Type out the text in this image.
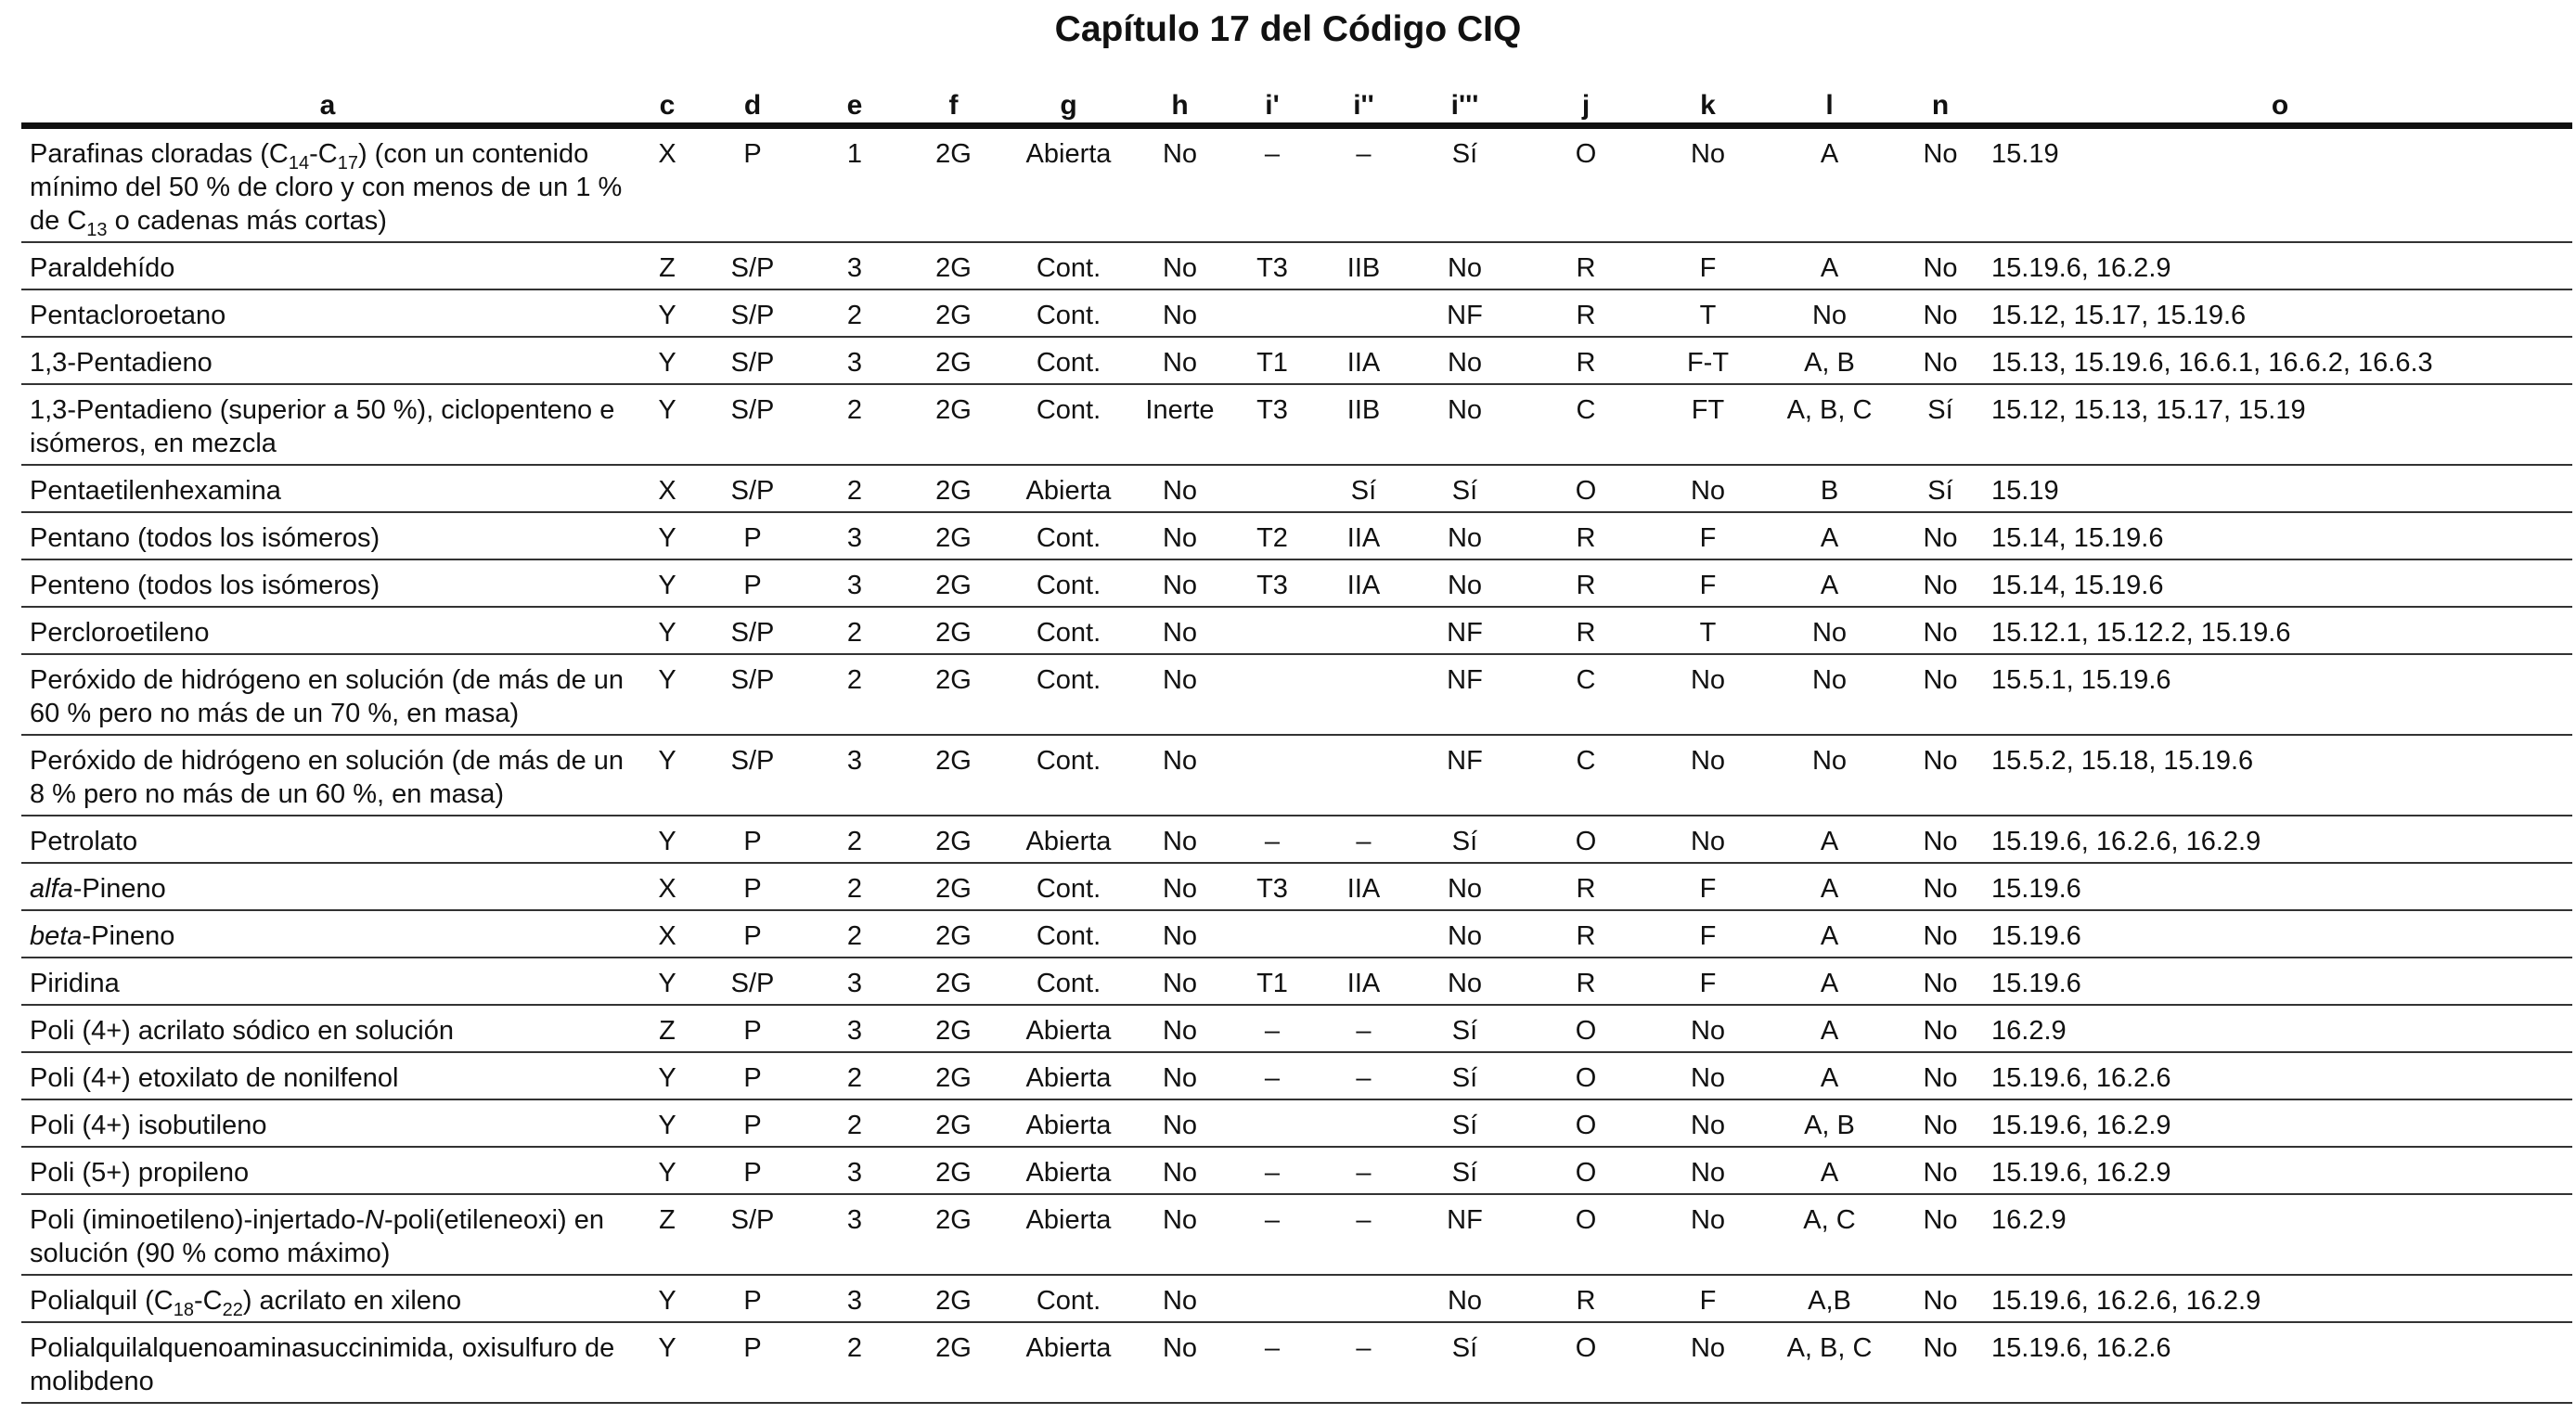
Capítulo 17 del Código CIQ
a	c	d	e	f	g	h	i'	i''	i'''	j	k	l	n	o
Parafinas cloradas $(C_{14}-C_{17})$ (con un contenido mínimo del 50 % de cloro y con menos de un 1 % de $C_{13}$ o cadenas más cortas)	X	P	1	2G	Abierta	No	–	–	Sí	O	No	A	No	15.19
Paraldehído	Z	S/P	3	2G	Cont.	No	T3	IIB	No	R	F	A	No	15.19.6, 16.2.9
Pentacloroetano	Y	S/P	2	2G	Cont.	No			NF	R	T	No	No	15.12, 15.17, 15.19.6
1,3-Pentadieno	Y	S/P	3	2G	Cont.	No	T1	IIA	No	R	F-T	A, B	No	15.13, 15.19.6, 16.6.1, 16.6.2, 16.6.3
1,3-Pentadieno (superior a 50 %), ciclopenteno e isómeros, en mezcla	Y	S/P	2	2G	Cont.	Inerte	T3	IIB	No	C	FT	A, B, C	Sí	15.12, 15.13, 15.17, 15.19
Pentaetilenhexamina	X	S/P	2	2G	Abierta	No		Sí	Sí	O	No	B	Sí	15.19
Pentano (todos los isómeros)	Y	P	3	2G	Cont.	No	T2	IIA	No	R	F	A	No	15.14, 15.19.6
Penteno (todos los isómeros)	Y	P	3	2G	Cont.	No	T3	IIA	No	R	F	A	No	15.14, 15.19.6
Percloroetileno	Y	S/P	2	2G	Cont.	No			NF	R	T	No	No	15.12.1, 15.12.2, 15.19.6
Peróxido de hidrógeno en solución (de más de un 60 % pero no más de un 70 %, en masa)	Y	S/P	2	2G	Cont.	No			NF	C	No	No	No	15.5.1, 15.19.6
Peróxido de hidrógeno en solución (de más de un 8 % pero no más de un 60 %, en masa)	Y	S/P	3	2G	Cont.	No			NF	C	No	No	No	15.5.2, 15.18, 15.19.6
Petrolato	Y	P	2	2G	Abierta	No	–	–	Sí	O	No	A	No	15.19.6, 16.2.6, 16.2.9
alfa-Pineno	X	P	2	2G	Cont.	No	T3	IIA	No	R	F	A	No	15.19.6
beta-Pineno	X	P	2	2G	Cont.	No			No	R	F	A	No	15.19.6
Piridina	Y	S/P	3	2G	Cont.	No	T1	IIA	No	R	F	A	No	15.19.6
Poli (4+) acrilato sódico en solución	Z	P	3	2G	Abierta	No	–	–	Sí	O	No	A	No	16.2.9
Poli (4+) etoxilato de nonilfenol	Y	P	2	2G	Abierta	No	–	–	Sí	O	No	A	No	15.19.6, 16.2.6
Poli (4+) isobutileno	Y	P	2	2G	Abierta	No			Sí	O	No	A, B	No	15.19.6, 16.2.9
Poli (5+) propileno	Y	P	3	2G	Abierta	No	–	–	Sí	O	No	A	No	15.19.6, 16.2.9
Poli (iminoetileno)-injertado-N-poli(etileneoxi) en solución (90 % como máximo)	Z	S/P	3	2G	Abierta	No	–	–	NF	O	No	A, C	No	16.2.9
Polialquil $(C_{18}-C_{22})$ acrilato en xileno	Y	P	3	2G	Cont.	No			No	R	F	A,B	No	15.19.6, 16.2.6, 16.2.9
Polialquilalquenoaminasuccinimida, oxisulfuro de molibdeno	Y	P	2	2G	Abierta	No	–	–	Sí	O	No	A, B, C	No	15.19.6, 16.2.6
